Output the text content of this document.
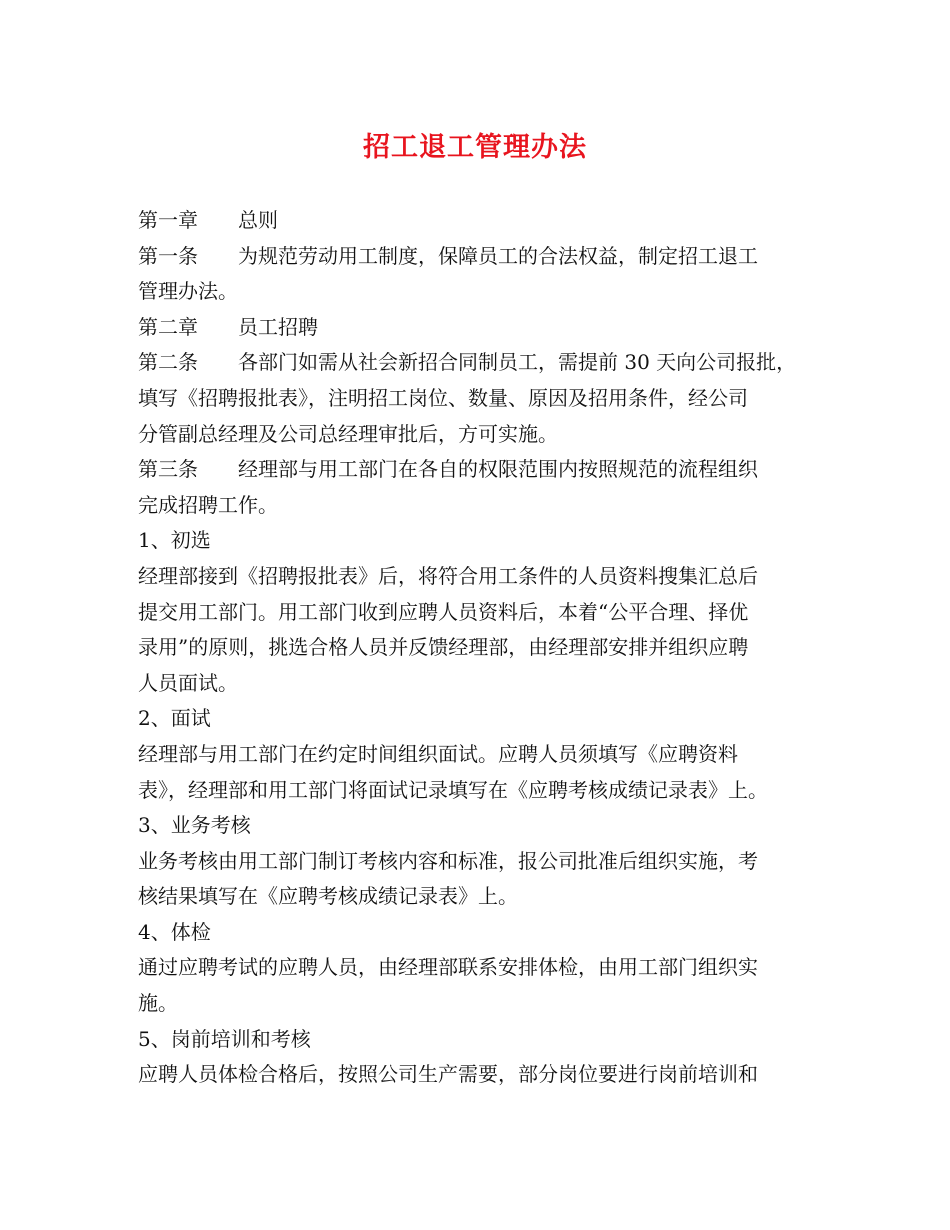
招工退工管理办法
第一章 总则
第一条 为规范劳动用工制度，保障员工的合法权益，制定招工退工
管理办法。
第二章 员工招聘
第二条 各部门如需从社会新招合同制员工，需提前 30 天向公司报批，
填写《招聘报批表》，注明招工岗位、数量、原因及招用条件，经公司
分管副总经理及公司总经理审批后，方可实施。
第三条 经理部与用工部门在各自的权限范围内按照规范的流程组织
完成招聘工作。
1、初选
经理部接到《招聘报批表》后，将符合用工条件的人员资料搜集汇总后
提交用工部门。用工部门收到应聘人员资料后，本着“公平合理、择优
录用”的原则，挑选合格人员并反馈经理部，由经理部安排并组织应聘
人员面试。
2、面试
经理部与用工部门在约定时间组织面试。应聘人员须填写《应聘资料
表》，经理部和用工部门将面试记录填写在《应聘考核成绩记录表》上。
3、业务考核
业务考核由用工部门制订考核内容和标准，报公司批准后组织实施，考
核结果填写在《应聘考核成绩记录表》上。
4、体检
通过应聘考试的应聘人员，由经理部联系安排体检，由用工部门组织实
施。
5、岗前培训和考核
应聘人员体检合格后，按照公司生产需要，部分岗位要进行岗前培训和
